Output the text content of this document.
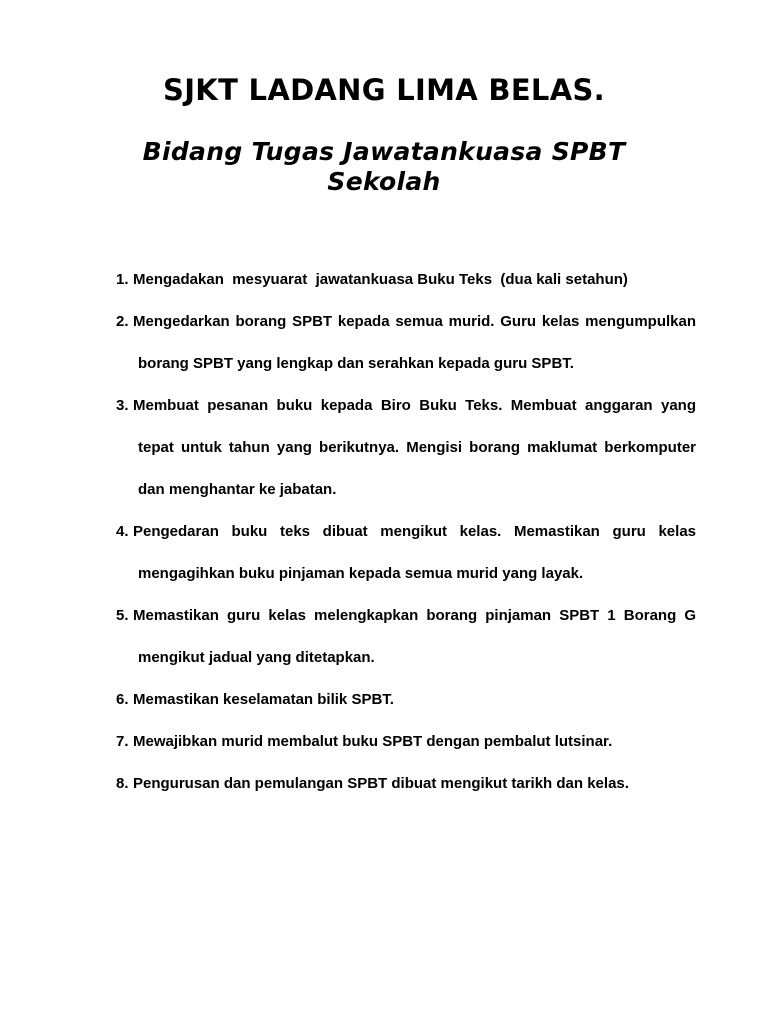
SJKT LADANG LIMA BELAS.
Bidang Tugas Jawatankuasa SPBT Sekolah
1. Mengadakan  mesyuarat  jawatankuasa Buku Teks  (dua kali setahun)
2. Mengedarkan borang SPBT kepada semua murid. Guru kelas mengumpulkan borang SPBT yang lengkap dan serahkan kepada guru SPBT.
3. Membuat pesanan buku kepada Biro Buku Teks. Membuat anggaran yang tepat untuk tahun yang berikutnya. Mengisi borang maklumat berkomputer dan menghantar ke jabatan.
4. Pengedaran buku teks dibuat mengikut kelas. Memastikan guru kelas mengagihkan buku pinjaman kepada semua murid yang layak.
5. Memastikan guru kelas melengkapkan borang pinjaman SPBT 1 Borang G mengikut jadual yang ditetapkan.
6. Memastikan keselamatan bilik SPBT.
7. Mewajibkan murid membalut buku SPBT dengan pembalut lutsinar.
8. Pengurusan dan pemulangan SPBT dibuat mengikut tarikh dan kelas.
